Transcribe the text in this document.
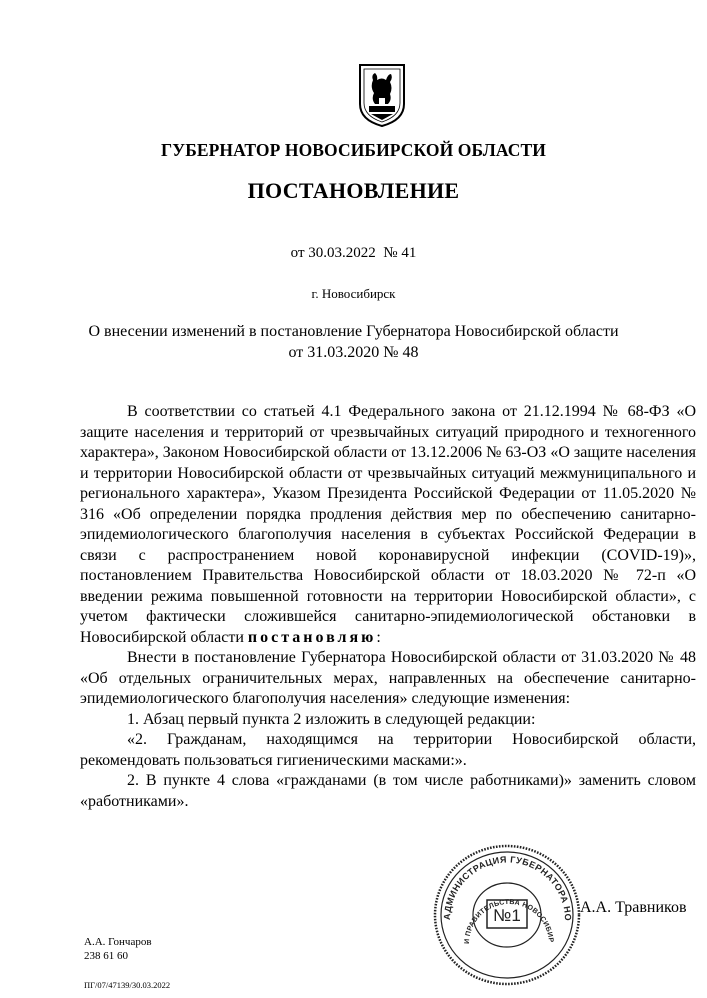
ГУБЕРНАТОР НОВОСИБИРСКОЙ ОБЛАСТИ
ПОСТАНОВЛЕНИЕ
от 30.03.2022  № 41
г. Новосибирск
О внесении изменений в постановление Губернатора Новосибирской области
от 31.03.2020 № 48

В соответствии со статьей 4.1 Федерального закона от 21.12.1994 № 68-ФЗ «О защите населения и территорий от чрезвычайных ситуаций природного и техногенного характера», Законом Новосибирской области от 13.12.2006 № 63-ОЗ «О защите населения и территории Новосибирской области от чрезвычайных ситуаций межмуниципального и регионального характера», Указом Президента Российской Федерации от 11.05.2020 № 316 «Об определении порядка продления действия мер по обеспечению санитарно-эпидемиологического благополучия населения в субъектах Российской Федерации в связи с распространением новой коронавирусной инфекции (COVID-19)», постановлением Правительства Новосибирской области от 18.03.2020 № 72-п «О введении режима повышенной готовности на территории Новосибирской области», с учетом фактически сложившейся санитарно-эпидемиологической обстановки в Новосибирской области постановляю:

Внести в постановление Губернатора Новосибирской области от 31.03.2020 № 48 «Об отдельных ограничительных мерах, направленных на обеспечение санитарно-эпидемиологического благополучия населения» следующие изменения:

1. Абзац первый пункта 2 изложить в следующей редакции:

«2. Гражданам, находящимся на территории Новосибирской области, рекомендовать пользоваться гигиеническими масками:».

2. В пункте 4 слова «гражданами (в том числе работниками)» заменить словом «работниками».

АДМИНИСТРАЦИЯ ГУБЕРНАТОРА НО
И ПРАВИТЕЛЬСТВА НОВОСИБИР
№1	А.А. Травников
А.А. Гончаров
238 61 60
ПГ/07/47139/30.03.2022
